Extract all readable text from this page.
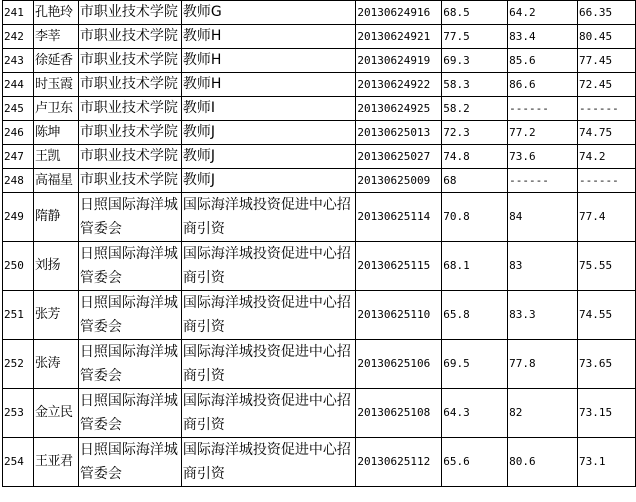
241	孔艳玲	市职业技术学院	教师G	20130624916	68.5	64.2	66.35
242	李莘	市职业技术学院	教师H	20130624921	77.5	83.4	80.45
243	徐延香	市职业技术学院	教师H	20130624919	69.3	85.6	77.45
244	时玉霞	市职业技术学院	教师H	20130624922	58.3	86.6	72.45
245	卢卫东	市职业技术学院	教师I	20130624925	58.2	------	------
246	陈坤	市职业技术学院	教师J	20130625013	72.3	77.2	74.75
247	王凯	市职业技术学院	教师J	20130625027	74.8	73.6	74.2
248	高福星	市职业技术学院	教师J	20130625009	68	------	------
249	隋静	日照国际海洋城管委会	国际海洋城投资促进中心招商引资	20130625114	70.8	84	77.4
250	刘扬	日照国际海洋城管委会	国际海洋城投资促进中心招商引资	20130625115	68.1	83	75.55
251	张芳	日照国际海洋城管委会	国际海洋城投资促进中心招商引资	20130625110	65.8	83.3	74.55
252	张涛	日照国际海洋城管委会	国际海洋城投资促进中心招商引资	20130625106	69.5	77.8	73.65
253	金立民	日照国际海洋城管委会	国际海洋城投资促进中心招商引资	20130625108	64.3	82	73.15
254	王亚君	日照国际海洋城管委会	国际海洋城投资促进中心招商引资	20130625112	65.6	80.6	73.1
